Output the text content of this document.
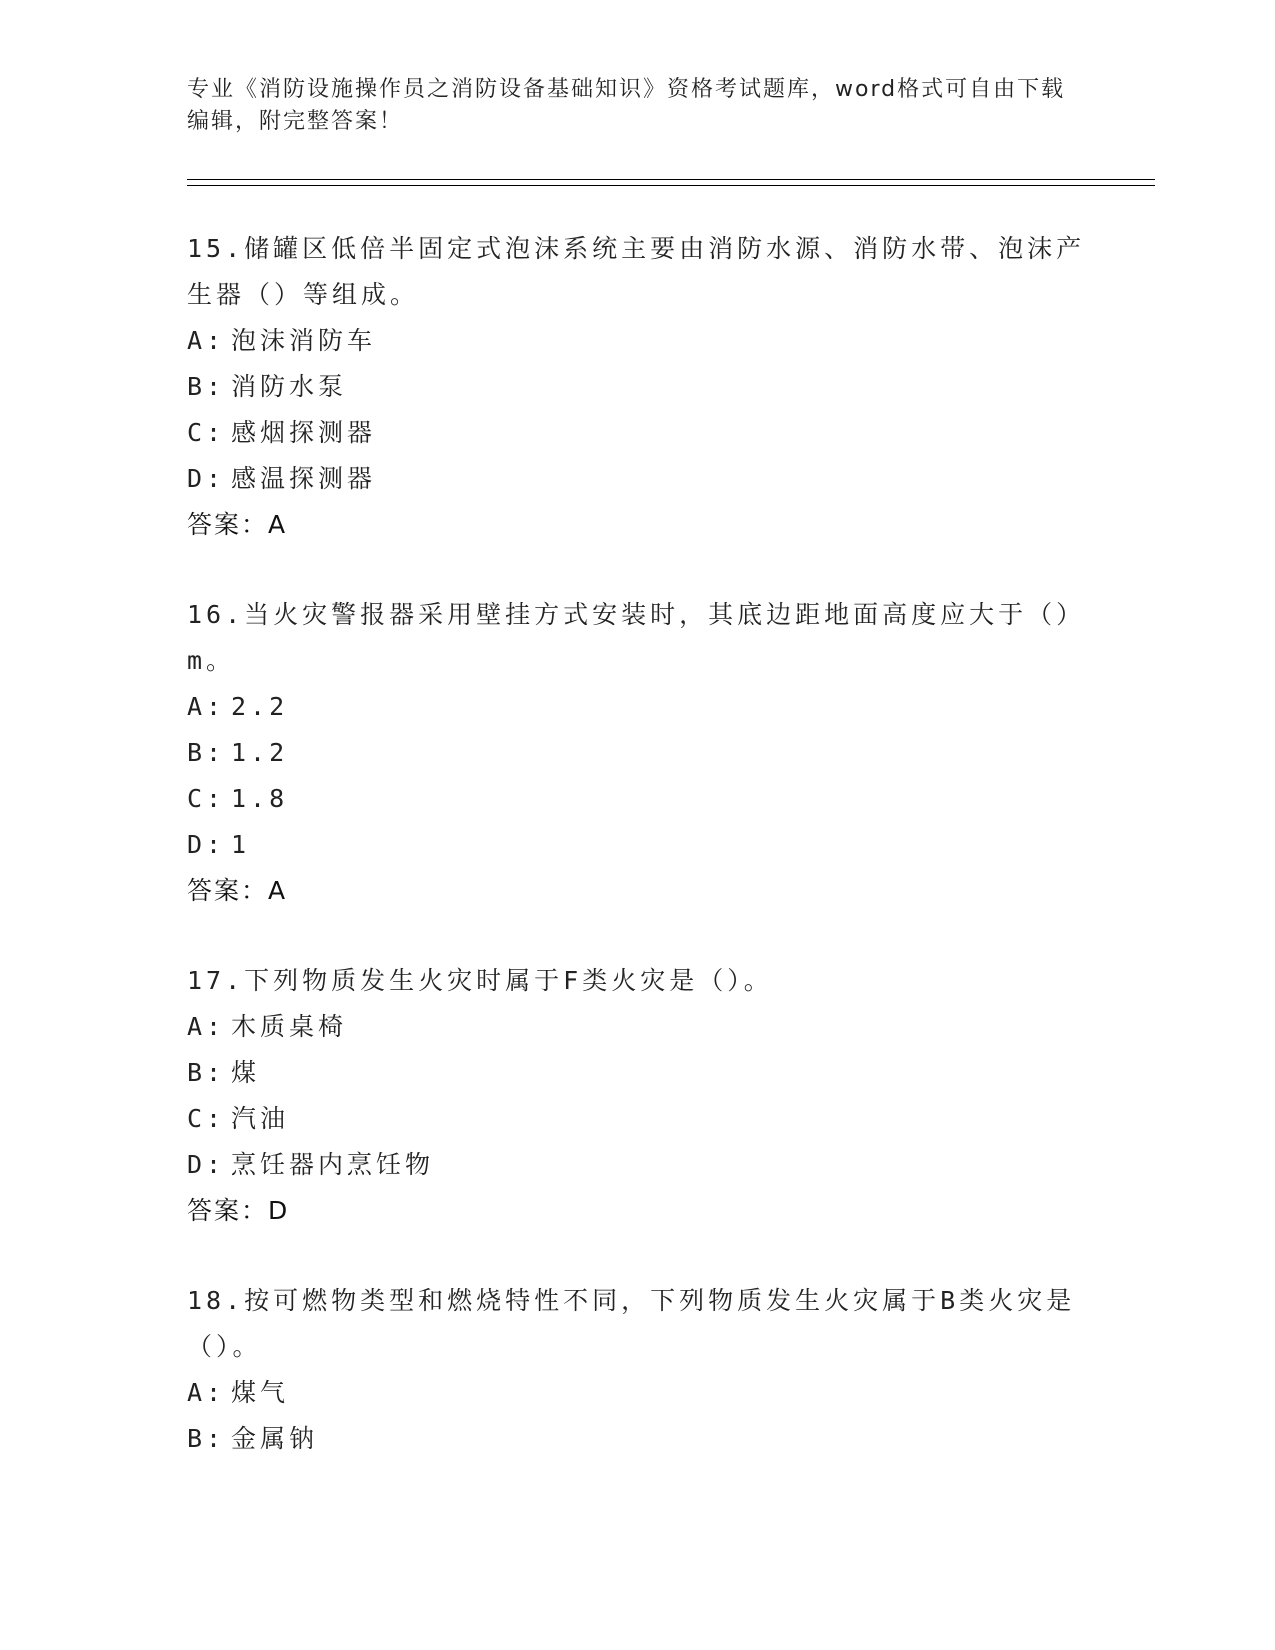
专业《消防设施操作员之消防设备基础知识》资格考试题库，word格式可自由下载编辑，附完整答案！
15.储罐区低倍半固定式泡沫系统主要由消防水源、消防水带、泡沫产生器（）等组成。
A: 泡沫消防车
B: 消防水泵
C: 感烟探测器
D: 感温探测器
答案：A
16.当火灾警报器采用壁挂方式安装时，其底边距地面高度应大于（）m。
A: 2.2
B: 1.2
C: 1.8
D: 1
答案：A
17.下列物质发生火灾时属于F类火灾是（）。
A: 木质桌椅
B: 煤
C: 汽油
D: 烹饪器内烹饪物
答案：D
18.按可燃物类型和燃烧特性不同，下列物质发生火灾属于B类火灾是（）。
A: 煤气
B: 金属钠
